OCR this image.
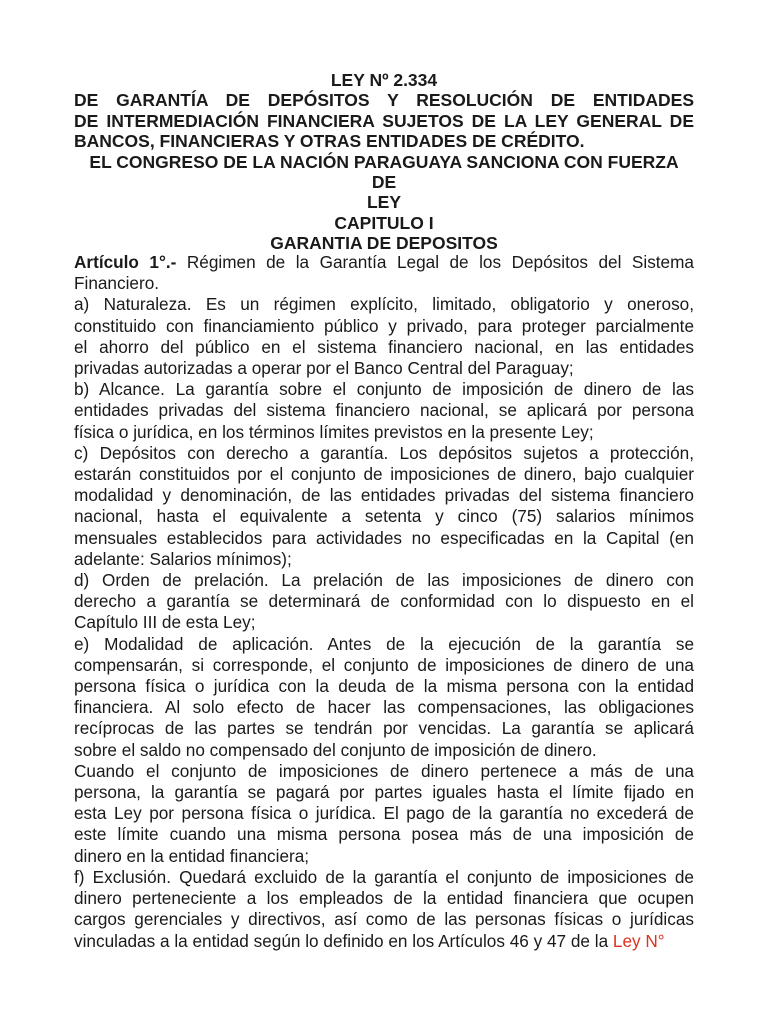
LEY Nº 2.334
DE GARANTÍA DE DEPÓSITOS Y RESOLUCIÓN DE ENTIDADES
DE INTERMEDIACIÓN FINANCIERA SUJETOS DE LA LEY GENERAL DE
BANCOS, FINANCIERAS Y OTRAS ENTIDADES DE CRÉDITO.
EL CONGRESO DE LA NACIÓN PARAGUAYA SANCIONA CON FUERZA
DE
LEY
CAPITULO I
GARANTIA DE DEPOSITOS
Artículo 1°.- Régimen de la Garantía Legal de los Depósitos del Sistema
Financiero.
a) Naturaleza. Es un régimen explícito, limitado, obligatorio y oneroso,
constituido con financiamiento público y privado, para proteger parcialmente
el ahorro del público en el sistema financiero nacional, en las entidades
privadas autorizadas a operar por el Banco Central del Paraguay;
b) Alcance. La garantía sobre el conjunto de imposición de dinero de las
entidades privadas del sistema financiero nacional, se aplicará por persona
física o jurídica, en los términos límites previstos en la presente Ley;
c) Depósitos con derecho a garantía. Los depósitos sujetos a protección,
estarán constituidos por el conjunto de imposiciones de dinero, bajo cualquier
modalidad y denominación, de las entidades privadas del sistema financiero
nacional, hasta el equivalente a setenta y cinco (75) salarios mínimos
mensuales establecidos para actividades no especificadas en la Capital (en
adelante: Salarios mínimos);
d) Orden de prelación. La prelación de las imposiciones de dinero con
derecho a garantía se determinará de conformidad con lo dispuesto en el
Capítulo III de esta Ley;
e) Modalidad de aplicación. Antes de la ejecución de la garantía se
compensarán, si corresponde, el conjunto de imposiciones de dinero de una
persona física o jurídica con la deuda de la misma persona con la entidad
financiera. Al solo efecto de hacer las compensaciones, las obligaciones
recíprocas de las partes se tendrán por vencidas. La garantía se aplicará
sobre el saldo no compensado del conjunto de imposición de dinero.
Cuando el conjunto de imposiciones de dinero pertenece a más de una
persona, la garantía se pagará por partes iguales hasta el límite fijado en
esta Ley por persona física o jurídica. El pago de la garantía no excederá de
este límite cuando una misma persona posea más de una imposición de
dinero en la entidad financiera;
f) Exclusión. Quedará excluido de la garantía el conjunto de imposiciones de
dinero perteneciente a los empleados de la entidad financiera que ocupen
cargos gerenciales y directivos, así como de las personas físicas o jurídicas
vinculadas a la entidad según lo definido en los Artículos 46 y 47 de la Ley N°
